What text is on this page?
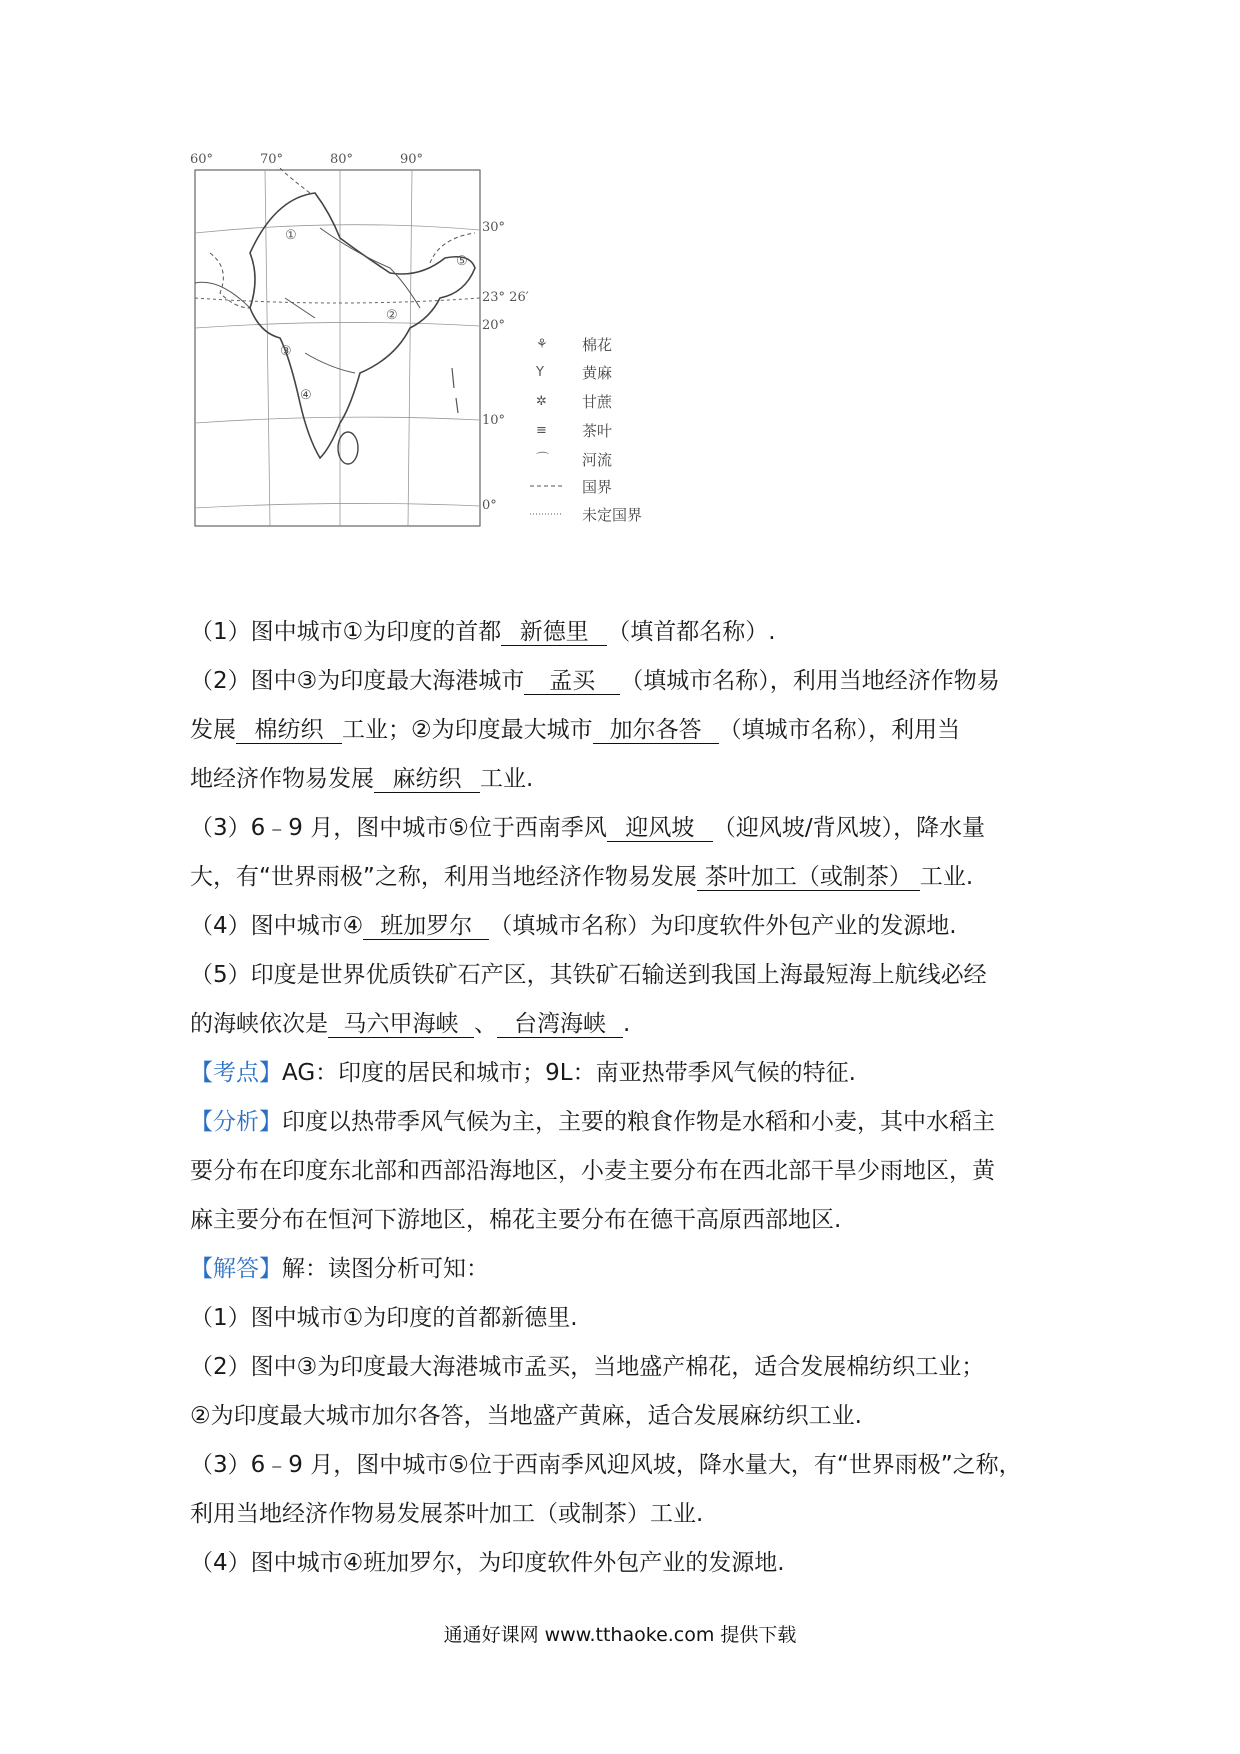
⚘
Y
✲
≡
⌒
60°	70°	80°	90°
30°
23° 26′
20°
10°
0°
①
②
③
④
⑤
棉花
黄麻
甘蔗
茶叶
河流
国界
未定国界
（1）图中城市①为印度的首都 新德里 （填首都名称）.
（2）图中③为印度最大海港城市 孟买 （填城市名称），利用当地经济作物易
发展 棉纺织 工业；②为印度最大城市 加尔各答 （填城市名称），利用当
地经济作物易发展 麻纺织 工业.
（3）6﹣9 月，图中城市⑤位于西南季风 迎风坡 （迎风坡/背风坡），降水量
大，有“世界雨极”之称，利用当地经济作物易发展 茶叶加工（或制茶） 工业.
（4）图中城市④ 班加罗尔 （填城市名称）为印度软件外包产业的发源地.
（5）印度是世界优质铁矿石产区，其铁矿石输送到我国上海最短海上航线必经
的海峡依次是 马六甲海峡 、 台湾海峡 .
【考点】AG：印度的居民和城市；9L：南亚热带季风气候的特征.
【分析】印度以热带季风气候为主，主要的粮食作物是水稻和小麦，其中水稻主
要分布在印度东北部和西部沿海地区，小麦主要分布在西北部干旱少雨地区，黄
麻主要分布在恒河下游地区，棉花主要分布在德干高原西部地区.
【解答】解：读图分析可知：
（1）图中城市①为印度的首都新德里.
（2）图中③为印度最大海港城市孟买，当地盛产棉花，适合发展棉纺织工业；
②为印度最大城市加尔各答，当地盛产黄麻，适合发展麻纺织工业.
（3）6﹣9 月，图中城市⑤位于西南季风迎风坡，降水量大，有“世界雨极”之称，
利用当地经济作物易发展茶叶加工（或制茶）工业.
（4）图中城市④班加罗尔，为印度软件外包产业的发源地.
通通好课网 www.tthaoke.com 提供下载
